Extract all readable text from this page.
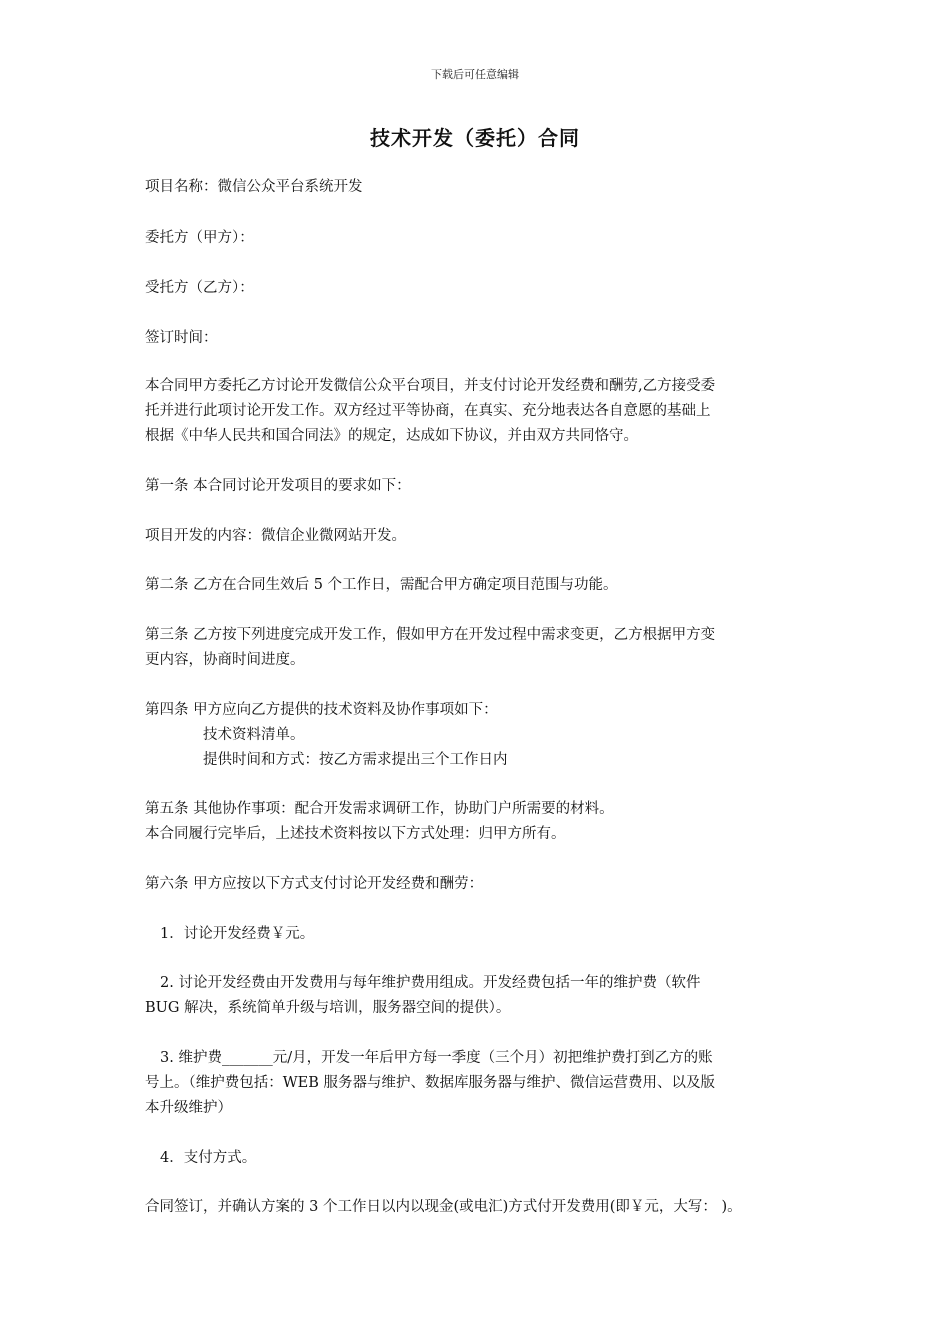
下载后可任意编辑
技术开发（委托）合同
项目名称：微信公众平台系统开发
委托方（甲方）：
受托方（乙方）：
签订时间：
本合同甲方委托乙方讨论开发微信公众平台项目，并支付讨论开发经费和酬劳,乙方接受委
托并进行此项讨论开发工作。双方经过平等协商，在真实、充分地表达各自意愿的基础上
根据《中华人民共和国合同法》的规定，达成如下协议，并由双方共同恪守。
第一条 本合同讨论开发项目的要求如下：
项目开发的内容：微信企业微网站开发。
第二条 乙方在合同生效后 5 个工作日，需配合甲方确定项目范围与功能。
第三条 乙方按下列进度完成开发工作，假如甲方在开发过程中需求变更，乙方根据甲方变
更内容，协商时间进度。
第四条 甲方应向乙方提供的技术资料及协作事项如下：
技术资料清单。
提供时间和方式：按乙方需求提出三个工作日内
第五条 其他协作事项：配合开发需求调研工作，协助门户所需要的材料。
本合同履行完毕后，上述技术资料按以下方式处理：归甲方所有。
第六条 甲方应按以下方式支付讨论开发经费和酬劳：
1．讨论开发经费￥元。
2. 讨论开发经费由开发费用与每年维护费用组成。开发经费包括一年的维护费（软件
BUG 解决，系统简单升级与培训，服务器空间的提供）。
3. 维护费_______元/月，开发一年后甲方每一季度（三个月）初把维护费打到乙方的账
号上。（维护费包括：WEB 服务器与维护、数据库服务器与维护、微信运营费用、以及版
本升级维护）
4．支付方式。
合同签订，并确认方案的 3 个工作日以内以现金(或电汇)方式付开发费用(即￥元，大写： )。
